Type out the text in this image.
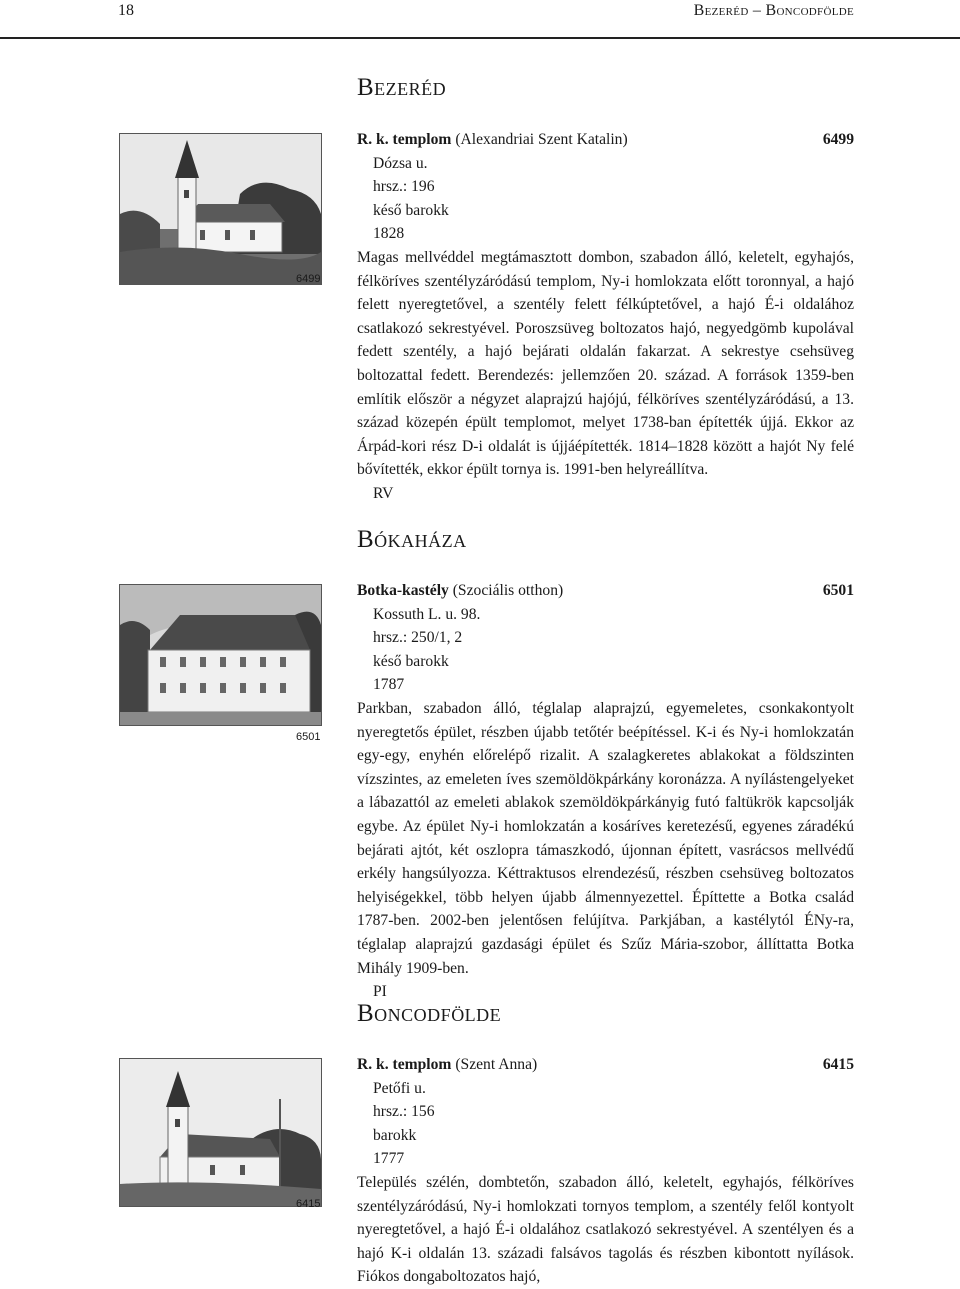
18	Bezeréd – Boncodfölde
Bezeréd
6499
R. k. templom (Alexandriai Szent Katalin)	6499
Dózsa u.
hrsz.: 196
késő barokk
1828

Magas mellvéddel megtámasztott dombon, szabadon álló, keletelt, egyhajós, félköríves szentélyzáródású templom, Ny-i homlokzata előtt toronnyal, a hajó felett nyeregtetővel, a szentély felett félkúptetővel, a hajó É-i oldalához csatlakozó sekrestyével. Poroszsüveg boltozatos hajó, negyedgömb kupolával fedett szentély, a hajó bejárati oldalán fakarzat. A sekrestye csehsüveg boltozattal fedett. Berendezés: jellemzően 20. század. A források 1359-ben említik először a négyzet alaprajzú hajójú, félköríves szentélyzáródású, a 13. század közepén épült templomot, melyet 1738-ban építették újjá. Ekkor az Árpád-kori rész D-i oldalát is újjáépítették. 1814–1828 között a hajót Ny felé bővítették, ekkor épült tornya is. 1991-ben helyreállítva.

RV
Bókaháza
6501
Botka-kastély (Szociális otthon)	6501
Kossuth L. u. 98.
hrsz.: 250/1, 2
késő barokk
1787

Parkban, szabadon álló, téglalap alaprajzú, egyemeletes, csonkakontyolt nyeregtetős épület, részben újabb tetőtér beépítéssel. K-i és Ny-i homlokzatán egy-egy, enyhén előrelépő rizalit. A szalagkeretes ablakokat a földszinten vízszintes, az emeleten íves szemöldökpárkány koronázza. A nyílástengelyeket a lábazattól az emeleti ablakok szemöldökpárkányig futó faltükrök kapcsolják egybe. Az épület Ny-i homlokzatán a kosáríves keretezésű, egyenes záradékú bejárati ajtót, két oszlopra támaszkodó, újonnan épített, vasrácsos mellvédű erkély hangsúlyozza. Kéttraktusos elrendezésű, részben csehsüveg boltozatos helyiségekkel, több helyen újabb álmennyezettel. Építtette a Botka család 1787-ben. 2002-ben jelentősen felújítva. Parkjában, a kastélytól ÉNy-ra, téglalap alaprajzú gazdasági épület és Szűz Mária-szobor, állíttatta Botka Mihály 1909-ben.

PI
Boncodfölde
6415
R. k. templom (Szent Anna)	6415
Petőfi u.
hrsz.: 156
barokk
1777

Település szélén, dombtetőn, szabadon álló, keletelt, egyhajós, félköríves szentélyzáródású, Ny-i homlokzati tornyos templom, a szentély felől kontyolt nyeregtetővel, a hajó É-i oldalához csatlakozó sekrestyével. A szentélyen és a hajó K-i oldalán 13. századi falsávos tagolás és részben kibontott nyílások. Fiókos dongaboltozatos hajó,
